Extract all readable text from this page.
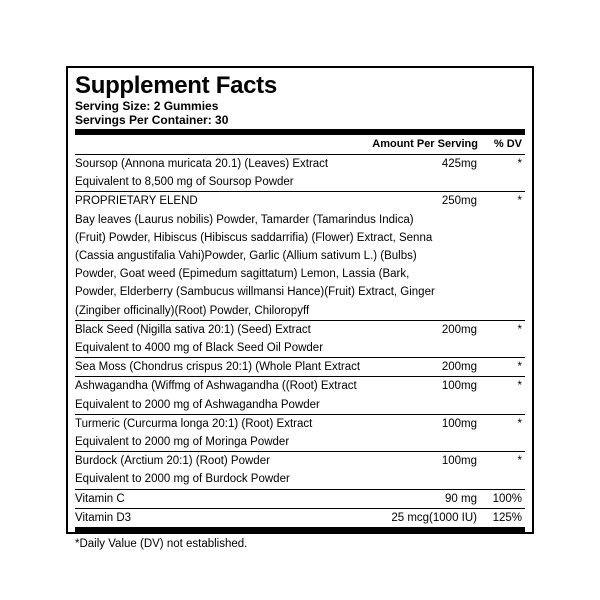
Supplement Facts
Serving Size: 2 Gummies
Servings Per Container: 30
Amount Per Serving % DV
Soursop (Annona muricata 20.1) (Leaves) Extract
Equivalent to 8,500 mg of Soursop Powder
425mg	*
PROPRIETARY ELEND
Bay leaves (Laurus nobilis) Powder, Tamarder (Tamarindus Indica)
(Fruit) Powder, Hibiscus (Hibiscus saddarrifia) (Flower) Extract, Senna
(Cassia angustifalia Vahi)Powder, Garlic (Allium sativum L.) (Bulbs)
Powder, Goat weed (Epimedum sagittatum) Lemon, Lassia (Bark,
Powder, Elderberry (Sambucus willmansi Hance)(Fruit) Extract, Ginger
(Zingiber officinally)(Root) Powder, Chiloropyff
250mg	*
Black Seed (Nigilla sativa 20:1) (Seed) Extract
Equivalent to 4000 mg of Black Seed Oil Powder
200mg	*
Sea Moss (Chondrus crispus 20:1) (Whole Plant Extract	200mg	*
Ashwagandha (Wiffmg of Ashwagandha ((Root) Extract
Equivalent to 2000 mg of Ashwagandha Powder
100mg	*
Turmeric (Curcurma longa 20:1) (Root) Extract
Equivalent to 2000 mg of Moringa Powder
100mg	*
Burdock (Arctium 20:1) (Root) Powder
Equivalent to 2000 mg of Burdock Powder
100mg	*
Vitamin C	90 mg 100%
Vitamin D3	25 mcg(1000 IU) 125%
*Daily Value (DV) not established.
